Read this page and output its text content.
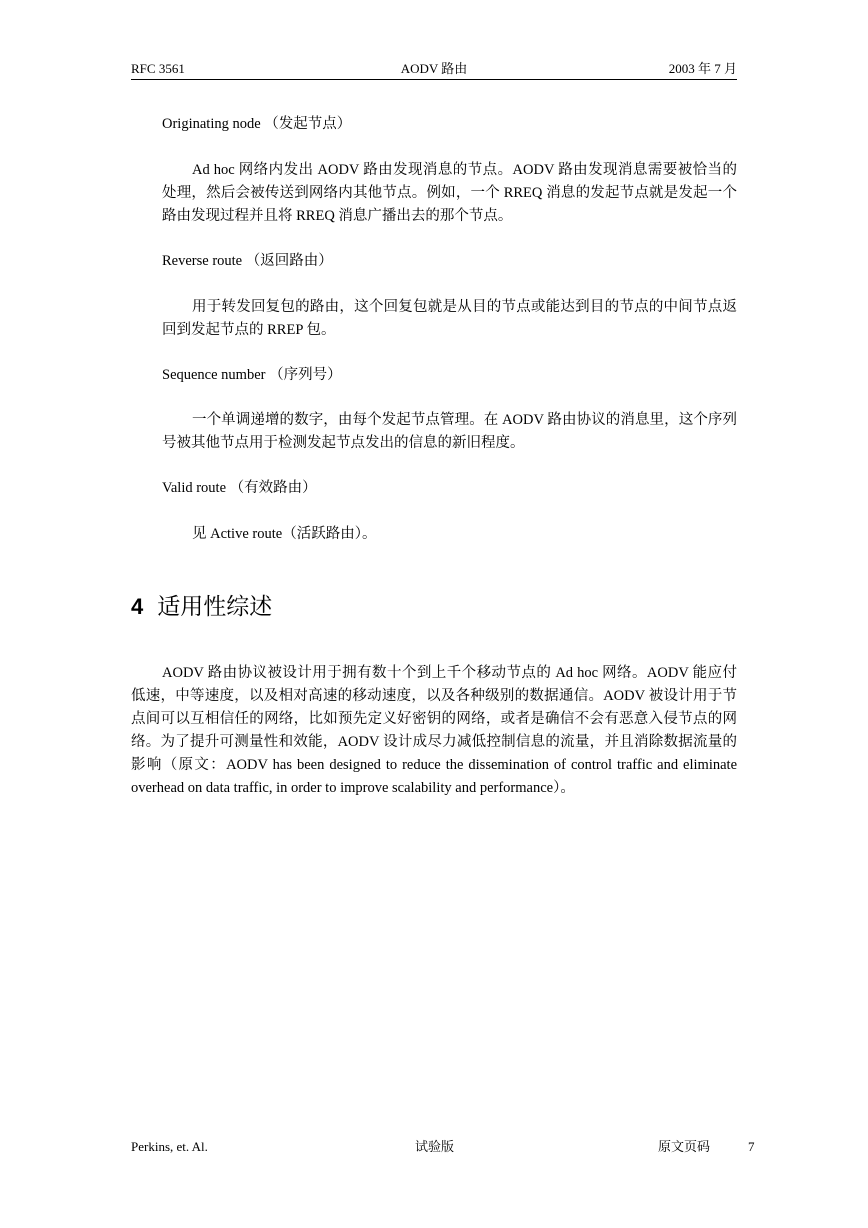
RFC 3561	AODV 路由	2003 年 7 月
Originating node （发起节点）
Ad hoc 网络内发出 AODV 路由发现消息的节点。AODV 路由发现消息需要被恰当的处理，然后会被传送到网络内其他节点。例如，一个 RREQ 消息的发起节点就是发起一个路由发现过程并且将 RREQ 消息广播出去的那个节点。
Reverse route （返回路由）
用于转发回复包的路由，这个回复包就是从目的节点或能达到目的节点的中间节点返回到发起节点的 RREP 包。
Sequence number （序列号）
一个单调递增的数字，由每个发起节点管理。在 AODV 路由协议的消息里，这个序列号被其他节点用于检测发起节点发出的信息的新旧程度。
Valid route （有效路由）
见 Active route（活跃路由）。
4 适用性综述
AODV 路由协议被设计用于拥有数十个到上千个移动节点的 Ad hoc 网络。AODV 能应付低速，中等速度，以及相对高速的移动速度，以及各种级别的数据通信。AODV 被设计用于节点间可以互相信任的网络，比如预先定义好密钥的网络，或者是确信不会有恶意入侵节点的网络。为了提升可测量性和效能，AODV 设计成尽力减低控制信息的流量，并且消除数据流量的影响（原文：AODV has been designed to reduce the dissemination of control traffic and eliminate overhead on data traffic, in order to improve scalability and performance）。
Perkins, et. Al.	试验版	原文页码	7
